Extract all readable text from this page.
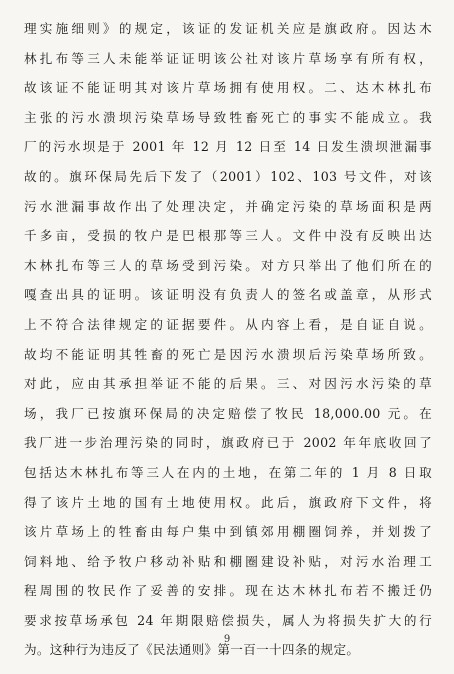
理实施细则》的规定，该证的发证机关应是旗政府。因达木
林扎布等三人未能举证证明该公社对该片草场享有所有权，
故该证不能证明其对该片草场拥有使用权。二、达木林扎布
主张的污水溃坝污染草场导致牲畜死亡的事实不能成立。我
厂的污水坝是于 2001 年 12 月 12 日至 14 日发生溃坝泄漏事
故的。旗环保局先后下发了（2001）102、103 号文件，对该
污水泄漏事故作出了处理决定，并确定污染的草场面积是两
千多亩，受损的牧户是巴根那等三人。文件中没有反映出达
木林扎布等三人的草场受到污染。对方只举出了他们所在的
嘎查出具的证明。该证明没有负责人的签名或盖章，从形式
上不符合法律规定的证据要件。从内容上看，是自证自说。
故均不能证明其牲畜的死亡是因污水溃坝后污染草场所致。
对此，应由其承担举证不能的后果。三、对因污水污染的草
场，我厂已按旗环保局的决定赔偿了牧民 18,000.00 元。在
我厂进一步治理污染的同时，旗政府已于 2002 年年底收回了
包括达木林扎布等三人在内的土地，在第二年的 1 月 8 日取
得了该片土地的国有土地使用权。此后，旗政府下文件，将
该片草场上的牲畜由每户集中到镇郊用棚圈饲养，并划拨了
饲料地、给予牧户移动补贴和棚圈建设补贴，对污水治理工
程周围的牧民作了妥善的安排。现在达木林扎布若不搬迁仍
要求按草场承包 24 年期限赔偿损失，属人为将损失扩大的行
为。这种行为违反了《民法通则》第一百一十四条的规定。
9
